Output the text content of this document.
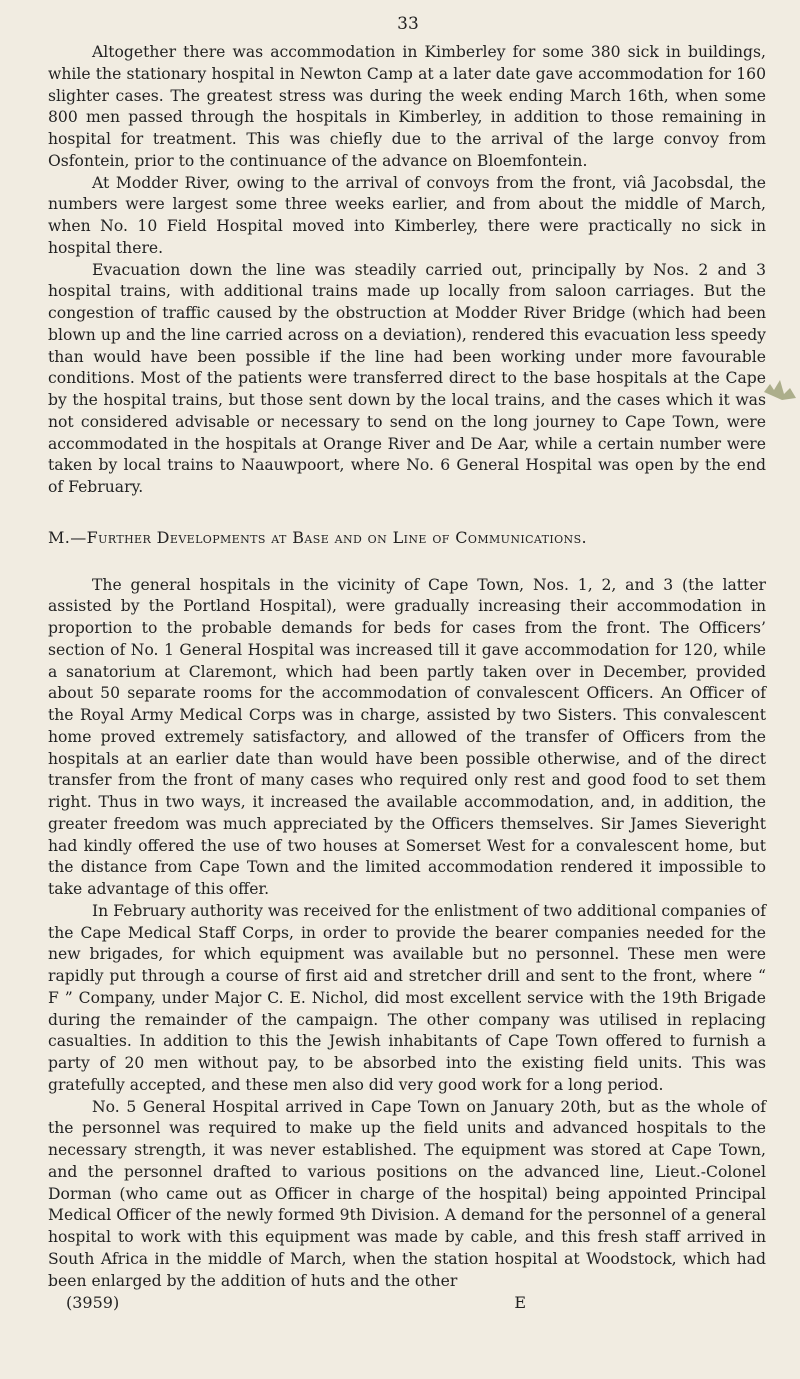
33

Altogether there was accommodation in Kimberley for some 380 sick in buildings, while the stationary hospital in Newton Camp at a later date gave accommodation for 160 slighter cases. The greatest stress was during the week ending March 16th, when some 800 men passed through the hospitals in Kimberley, in addition to those remaining in hospital for treatment. This was chiefly due to the arrival of the large convoy from Osfontein, prior to the continuance of the advance on Bloemfontein.

At Modder River, owing to the arrival of convoys from the front, viâ Jacobsdal, the numbers were largest some three weeks earlier, and from about the middle of March, when No. 10 Field Hospital moved into Kimberley, there were practically no sick in hospital there.

Evacuation down the line was steadily carried out, principally by Nos. 2 and 3 hospital trains, with additional trains made up locally from saloon carriages. But the congestion of traffic caused by the obstruction at Modder River Bridge (which had been blown up and the line carried across on a deviation), rendered this evacuation less speedy than would have been possible if the line had been working under more favourable conditions. Most of the patients were transferred direct to the base hospitals at the Cape by the hospital trains, but those sent down by the local trains, and the cases which it was not considered advisable or necessary to send on the long journey to Cape Town, were accommodated in the hospitals at Orange River and De Aar, while a certain number were taken by local trains to Naauwpoort, where No. 6 General Hospital was open by the end of February.

M.—Further Developments at Base and on Line of Communications.

The general hospitals in the vicinity of Cape Town, Nos. 1, 2, and 3 (the latter assisted by the Portland Hospital), were gradually increasing their accommodation in proportion to the probable demands for beds for cases from the front. The Officers’ section of No. 1 General Hospital was increased till it gave accommodation for 120, while a sanatorium at Claremont, which had been partly taken over in December, provided about 50 separate rooms for the accommodation of convalescent Officers. An Officer of the Royal Army Medical Corps was in charge, assisted by two Sisters. This convalescent home proved extremely satisfactory, and allowed of the transfer of Officers from the hospitals at an earlier date than would have been possible otherwise, and of the direct transfer from the front of many cases who required only rest and good food to set them right. Thus in two ways, it increased the available accommodation, and, in addition, the greater freedom was much appreciated by the Officers themselves. Sir James Sieveright had kindly offered the use of two houses at Somerset West for a convalescent home, but the distance from Cape Town and the limited accommodation rendered it impossible to take advantage of this offer.

In February authority was received for the enlistment of two additional companies of the Cape Medical Staff Corps, in order to provide the bearer companies needed for the new brigades, for which equipment was available but no personnel. These men were rapidly put through a course of first aid and stretcher drill and sent to the front, where “ F ” Company, under Major C. E. Nichol, did most excellent service with the 19th Brigade during the remainder of the campaign. The other company was utilised in replacing casualties. In addition to this the Jewish inhabitants of Cape Town offered to furnish a party of 20 men without pay, to be absorbed into the existing field units. This was gratefully accepted, and these men also did very good work for a long period.

No. 5 General Hospital arrived in Cape Town on January 20th, but as the whole of the personnel was required to make up the field units and advanced hospitals to the necessary strength, it was never established. The equipment was stored at Cape Town, and the personnel drafted to various positions on the advanced line, Lieut.-Colonel Dorman (who came out as Officer in charge of the hospital) being appointed Principal Medical Officer of the newly formed 9th Division. A demand for the personnel of a general hospital to work with this equipment was made by cable, and this fresh staff arrived in South Africa in the middle of March, when the station hospital at Woodstock, which had been enlarged by the addition of huts and the other

(3959)	E
